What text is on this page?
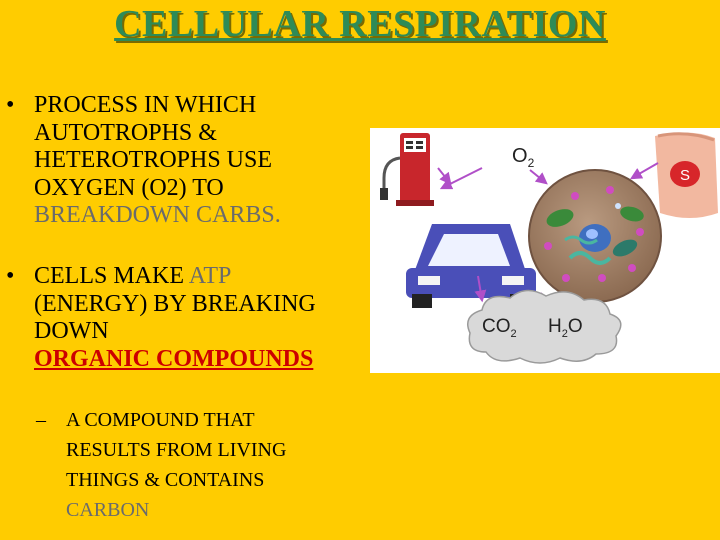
CELLULAR RESPIRATION
• PROCESS IN WHICH
AUTOTROPHS &
HETEROTROPHS USE
OXYGEN (O2) TO
BREAKDOWN CARBS.
• CELLS MAKE ATP
(ENERGY) BY BREAKING
DOWN
ORGANIC COMPOUNDS
– A COMPOUND THAT
RESULTS FROM LIVING
THINGS & CONTAINS
CARBON
S
$O_2$
$CO_2$ $H_2O$
